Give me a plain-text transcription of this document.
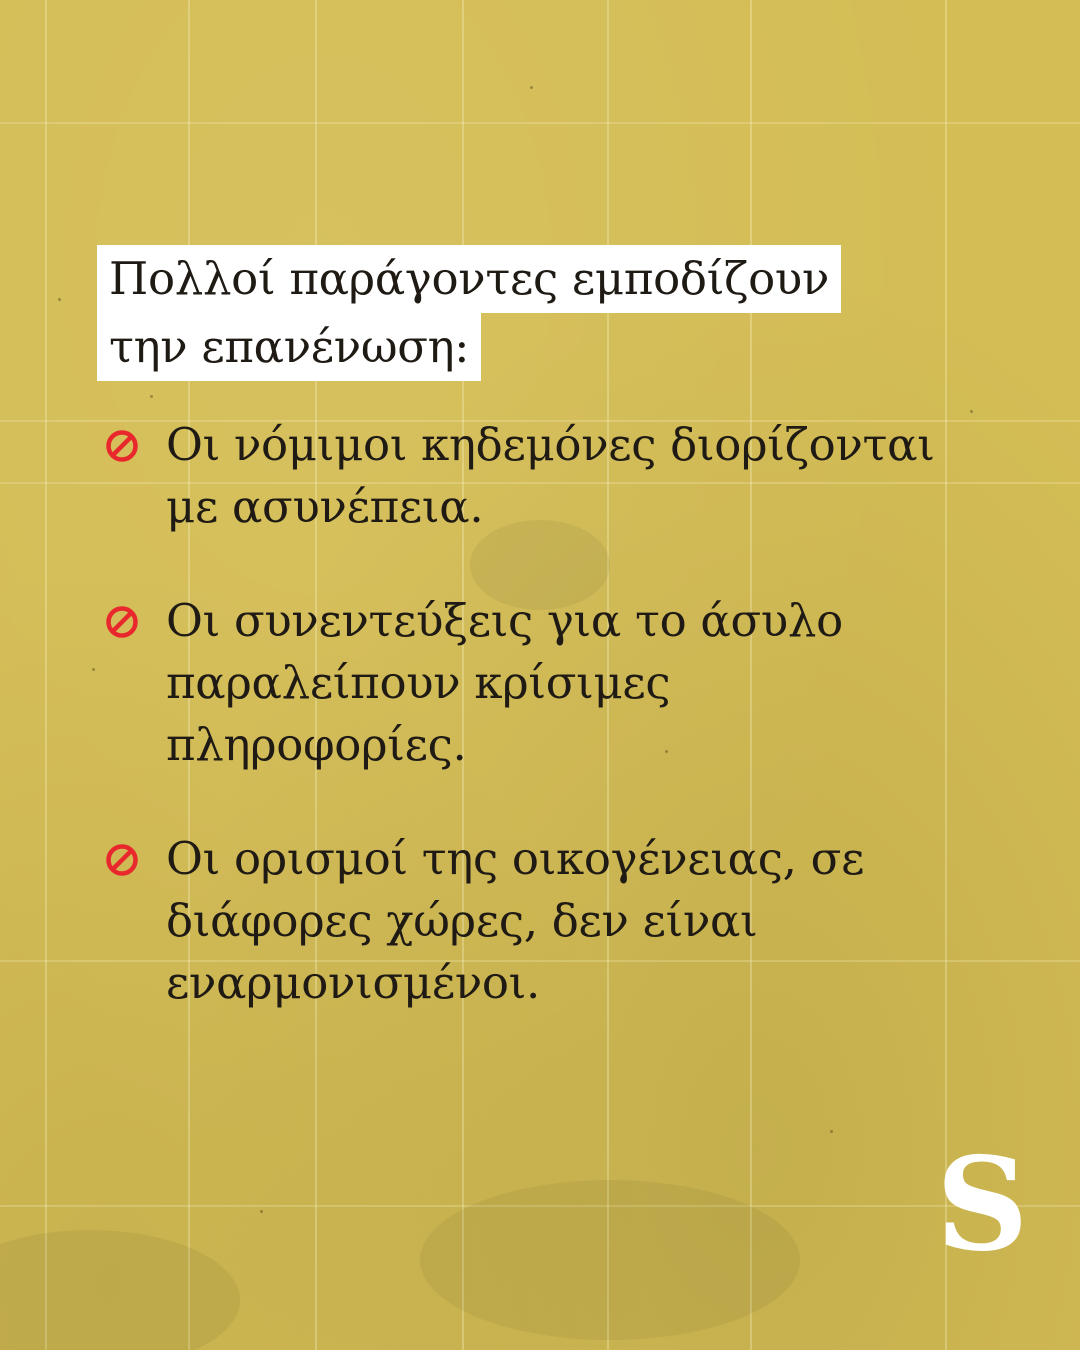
Πολλοί παράγοντες εμποδίζουν
την επανένωση:
Οι νόμιμοι κηδεμόνες διορίζονται με ασυνέπεια.
Οι συνεντεύξεις για το άσυλο παραλείπουν κρίσιμες πληροφορίες.
Οι ορισμοί της οικογένειας, σε διάφορες χώρες, δεν είναι εναρμονισμένοι.
S
